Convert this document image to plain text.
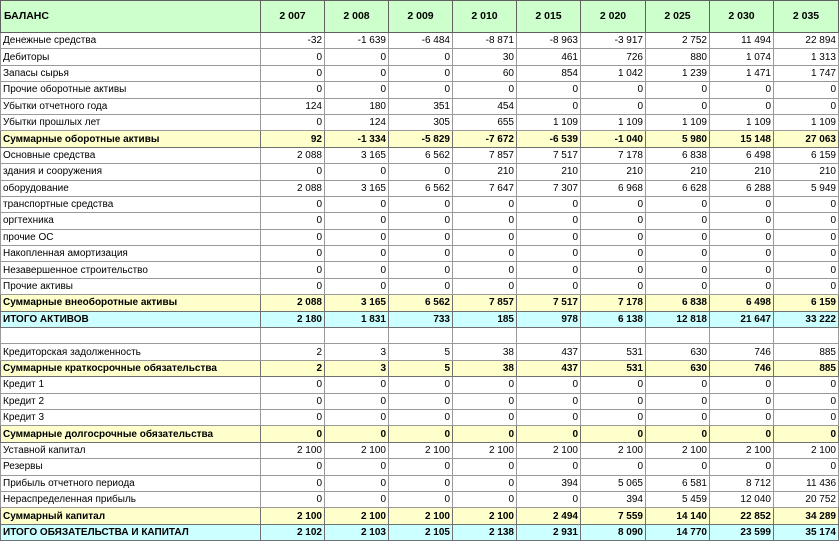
БАЛАНС	2 007	2 008	2 009	2 010	2 015	2 020	2 025	2 030	2 035
Денежные средства	-32	-1 639	-6 484	-8 871	-8 963	-3 917	2 752	11 494	22 894
Дебиторы	0	0	0	30	461	726	880	1 074	1 313
Запасы сырья	0	0	0	60	854	1 042	1 239	1 471	1 747
Прочие оборотные активы	0	0	0	0	0	0	0	0	0
Убытки отчетного года	124	180	351	454	0	0	0	0	0
Убытки прошлых лет	0	124	305	655	1 109	1 109	1 109	1 109	1 109
Суммарные оборотные активы	92	-1 334	-5 829	-7 672	-6 539	-1 040	5 980	15 148	27 063
Основные средства	2 088	3 165	6 562	7 857	7 517	7 178	6 838	6 498	6 159
здания и сооружения	0	0	0	210	210	210	210	210	210
оборудование	2 088	3 165	6 562	7 647	7 307	6 968	6 628	6 288	5 949
транспортные средства	0	0	0	0	0	0	0	0	0
оргтехника	0	0	0	0	0	0	0	0	0
прочие ОС	0	0	0	0	0	0	0	0	0
Накопленная амортизация	0	0	0	0	0	0	0	0	0
Незавершенное строительство	0	0	0	0	0	0	0	0	0
Прочие активы	0	0	0	0	0	0	0	0	0
Суммарные внеоборотные активы	2 088	3 165	6 562	7 857	7 517	7 178	6 838	6 498	6 159
ИТОГО АКТИВОВ	2 180	1 831	733	185	978	6 138	12 818	21 647	33 222

Кредиторская задолженность	2	3	5	38	437	531	630	746	885
Суммарные краткосрочные обязательства	2	3	5	38	437	531	630	746	885
Кредит 1	0	0	0	0	0	0	0	0	0
Кредит 2	0	0	0	0	0	0	0	0	0
Кредит 3	0	0	0	0	0	0	0	0	0
Суммарные долгосрочные обязательства	0	0	0	0	0	0	0	0	0
Уставной капитал	2 100	2 100	2 100	2 100	2 100	2 100	2 100	2 100	2 100
Резервы	0	0	0	0	0	0	0	0	0
Прибыль отчетного периода	0	0	0	0	394	5 065	6 581	8 712	11 436
Нераспределенная прибыль	0	0	0	0	0	394	5 459	12 040	20 752
Суммарный капитал	2 100	2 100	2 100	2 100	2 494	7 559	14 140	22 852	34 289
ИТОГО ОБЯЗАТЕЛЬСТВА И КАПИТАЛ	2 102	2 103	2 105	2 138	2 931	8 090	14 770	23 599	35 174
